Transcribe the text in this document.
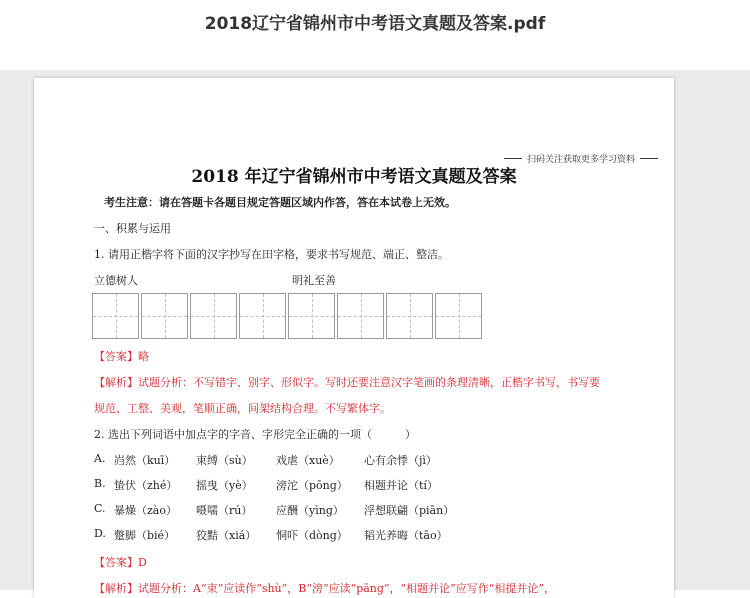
2018辽宁省锦州市中考语文真题及答案.pdf
扫码关注获取更多学习资料
2018 年辽宁省锦州市中考语文真题及答案
考生注意：请在答题卡各题目规定答题区域内作答，答在本试卷上无效。
一、积累与运用
1. 请用正楷字将下面的汉字抄写在田字格，要求书写规范、端正、整洁。
立德树人	明礼至善
【答案】略
【解析】试题分析：不写错字、别字、形似字。写时还要注意汉字笔画的条理清晰，正楷字书写，书写要
规范、工整、美观，笔顺正确，间架结构合理。不写繁体字。
2. 选出下列词语中加点字的字音、字形完全正确的一项（　　　）
A. 岿然（kuī）	束缚（sù）	戏虐（xuè）	心有余悸（jì）
B. 蛰伏（zhé）	摇曳（yè）	滂沱（pōng）	相题并论（tí）
C. 暴燥（zào）	嗫嚅（rú）	应酬（yìng）	浮想联翩（piān）
D. 蹩脚（bié）	狡黠（xiá）	恫吓（dòng）	韬光养晦（tāo）
【答案】D
【解析】试题分析：A“束”应读作“shù”，B“滂”应读“pāng”，“相题并论”应写作“相提并论”，
